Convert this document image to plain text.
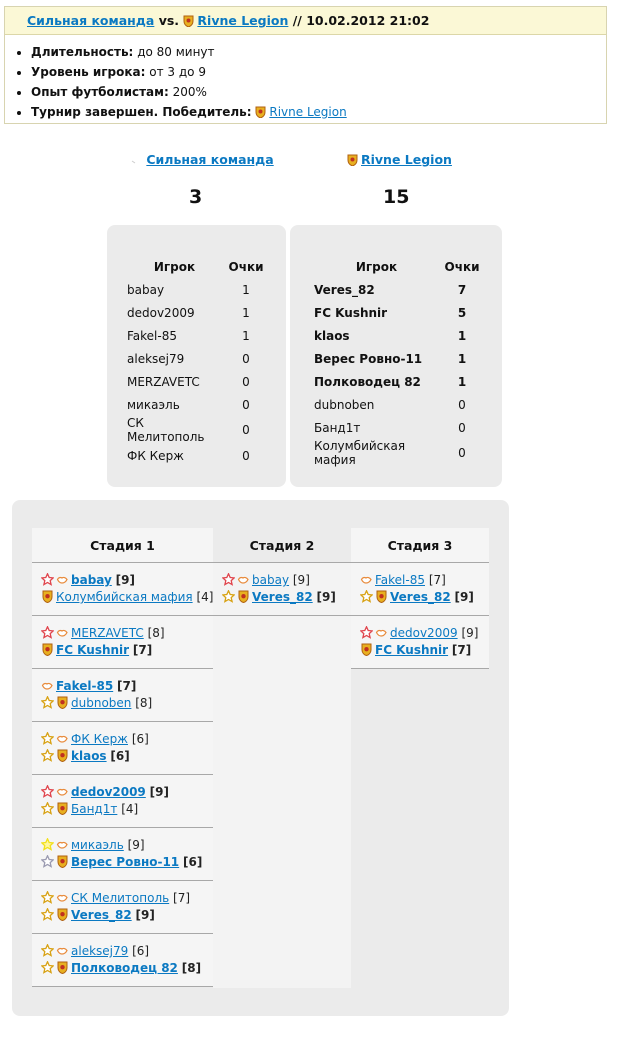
Сильная команда vs. Rivne Legion // 10.02.2012 21:02
• Длительность: до 80 минут
• Уровень игрока: от 3 до 9
• Опыт футболистам: 200%
• Турнир завершен. Победитель: Rivne Legion
Сильная команда	Rivne Legion
3	15
Игрок	Очки
babay	1
dedov2009	1
Fakel-85	1
aleksej79	0
MERZAVETC	0
микаэль	0
СК Мелитополь	0
ФК Керж	0
Игрок	Очки
Veres_82	7
FC Kushnir	5
klaos	1
Верес Ровно-11	1
Полководец 82	1
dubnoben	0
Банд1т	0
Колумбийская мафия	0
Стадия 1
babay [9]
Колумбийская мафия [4]
MERZAVETC [8]
FC Kushnir [7]
Fakel-85 [7]
dubnoben [8]
ФК Керж [6]
klaos [6]
dedov2009 [9]
Банд1т [4]
микаэль [9]
Верес Ровно-11 [6]
СК Мелитополь [7]
Veres_82 [9]
aleksej79 [6]
Полководец 82 [8]
Стадия 2
babay [9]
Veres_82 [9]
Стадия 3
Fakel-85 [7]
Veres_82 [9]
dedov2009 [9]
FC Kushnir [7]
